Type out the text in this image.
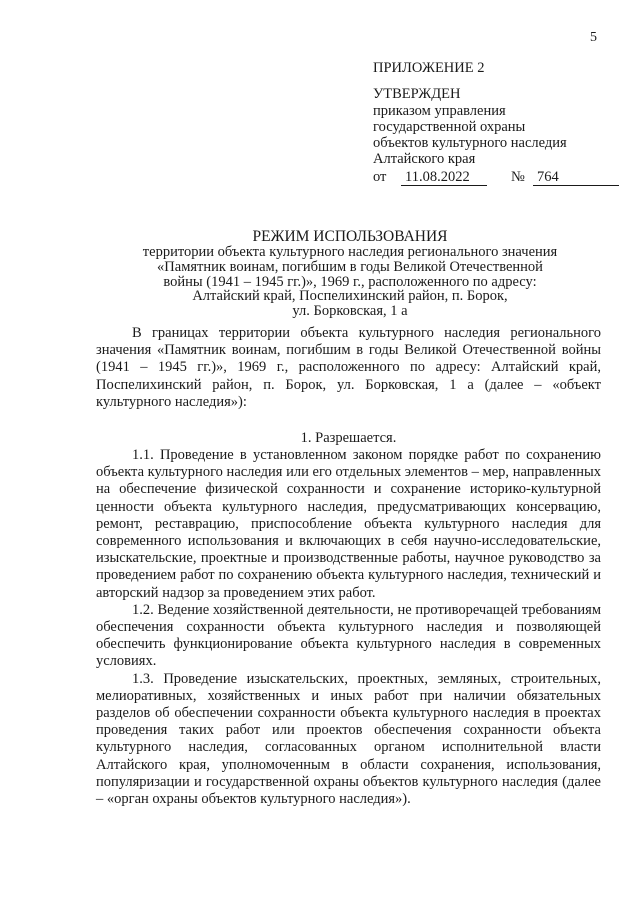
5
ПРИЛОЖЕНИЕ 2
УТВЕРЖДЕН
приказом управления
государственной охраны
объектов культурного наследия
Алтайского края
от	11.08.2022	№ 764
РЕЖИМ ИСПОЛЬЗОВАНИЯ
территории объекта культурного наследия регионального значения
«Памятник воинам, погибшим в годы Великой Отечественной
войны (1941 – 1945 гг.)», 1969 г., расположенного по адресу:
Алтайский край, Поспелихинский район, п. Борок,
ул. Борковская, 1 а

В границах территории объекта культурного наследия регионального значения «Памятник воинам, погибшим в годы Великой Отечественной войны (1941 – 1945 гг.)», 1969 г., расположенного по адресу: Алтайский край, Поспелихинский район, п. Борок, ул. Борковская, 1 а (далее – «объект культурного наследия»):

1. Разрешается.

1.1. Проведение в установленном законом порядке работ по сохранению объекта культурного наследия или его отдельных элементов – мер, направленных на обеспечение физической сохранности и сохранение историко-культурной ценности объекта культурного наследия, предусматривающих консервацию, ремонт, реставрацию, приспособление объекта культурного наследия для современного использования и включающих в себя научно-исследовательские, изыскательские, проектные и производственные работы, научное руководство за проведением работ по сохранению объекта культурного наследия, технический и авторский надзор за проведением этих работ.

1.2. Ведение хозяйственной деятельности, не противоречащей требованиям обеспечения сохранности объекта культурного наследия и позволяющей обеспечить функционирование объекта культурного наследия в современных условиях.

1.3. Проведение изыскательских, проектных, земляных, строительных, мелиоративных, хозяйственных и иных работ при наличии обязательных разделов об обеспечении сохранности объекта культурного наследия в проектах проведения таких работ или проектов обеспечения сохранности объекта культурного наследия, согласованных органом исполнительной власти Алтайского края, уполномоченным в области сохранения, использования, популяризации и государственной охраны объектов культурного наследия (далее – «орган охраны объектов культурного наследия»).
